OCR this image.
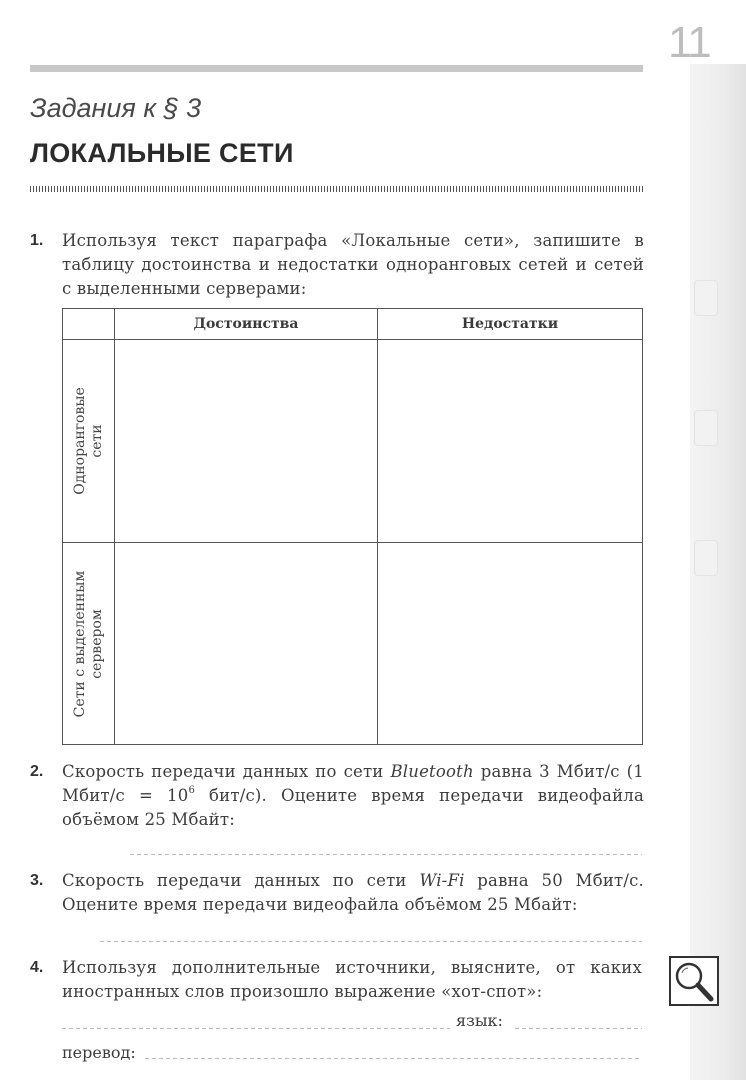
11
Задания к § 3
ЛОКАЛЬНЫЕ СЕТИ
1. Используя текст параграфа «Локальные сети», запишите в таблицу достоинства и недостатки одноранговых сетей и сетей с выделенными серверами:
	Достоинства	Недостатки

Одноранговые сети		

Сети с выделенным сервером		

2. Скорость передачи данных по сети Bluetooth равна 3 Мбит/с (1 Мбит/с = $10^6$ бит/с). Оцените время передачи видеофайла объёмом 25 Мбайт:
3. Скорость передачи данных по сети Wi-Fi равна 50 Мбит/с. Оцените время передачи видеофайла объёмом 25 Мбайт:
4. Используя дополнительные источники, выясните, от каких иностранных слов произошло выражение «хот-спот»:
язык:
перевод:
